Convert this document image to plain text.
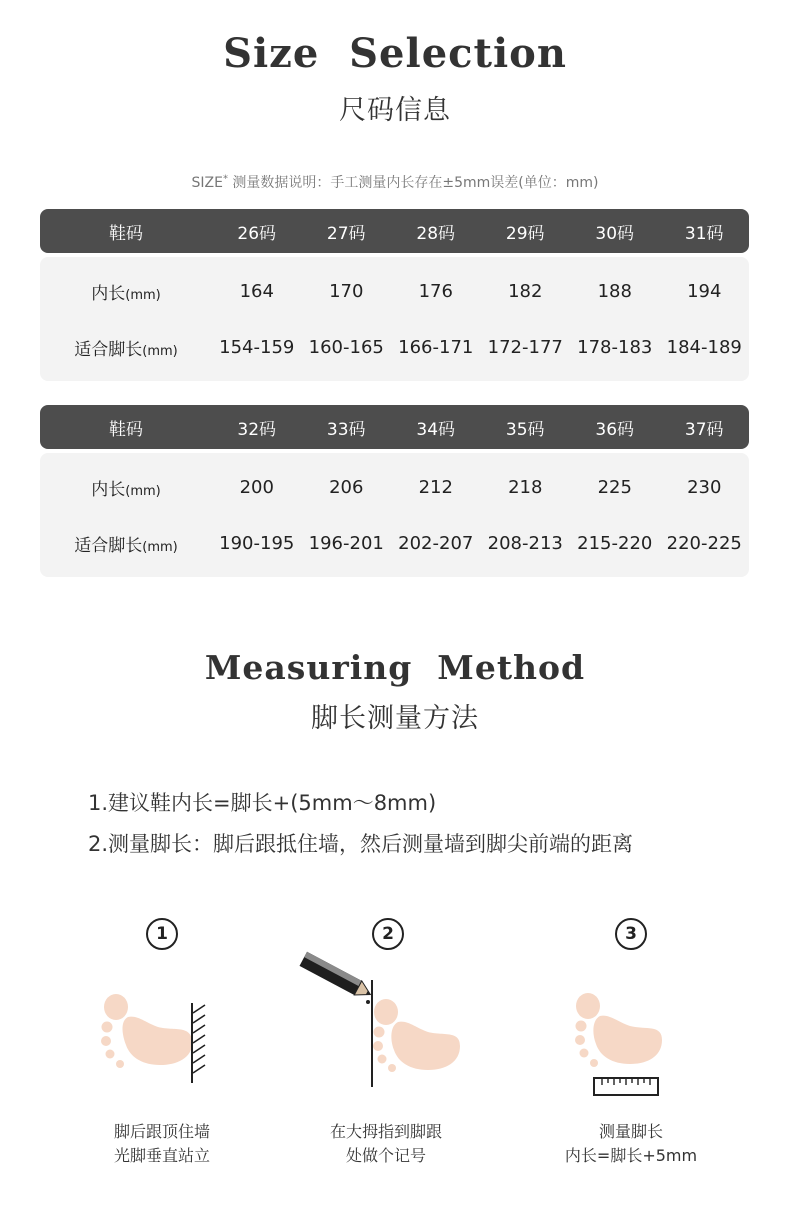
Size  Selection
尺码信息
SIZE* 测量数据说明：手工测量内长存在±5mm误差(单位：mm)
鞋码	26码	27码	28码	29码	30码	31码
内长(mm)	164	170	176	182	188	194
适合脚长(mm)	154-159 160-165 166-171 172-177 178-183 184-189
鞋码	32码	33码	34码	35码	36码	37码
内长(mm)	200	206	212	218	225	230
适合脚长(mm)	190-195 196-201 202-207 208-213 215-220 220-225
Measuring  Method
脚长测量方法
1.建议鞋内长=脚长+(5mm～8mm)
2.测量脚长：脚后跟抵住墙，然后测量墙到脚尖前端的距离
1	2	3
脚后跟顶住墙
光脚垂直站立
在大拇指到脚跟
处做个记号
测量脚长
内长=脚长+5mm
